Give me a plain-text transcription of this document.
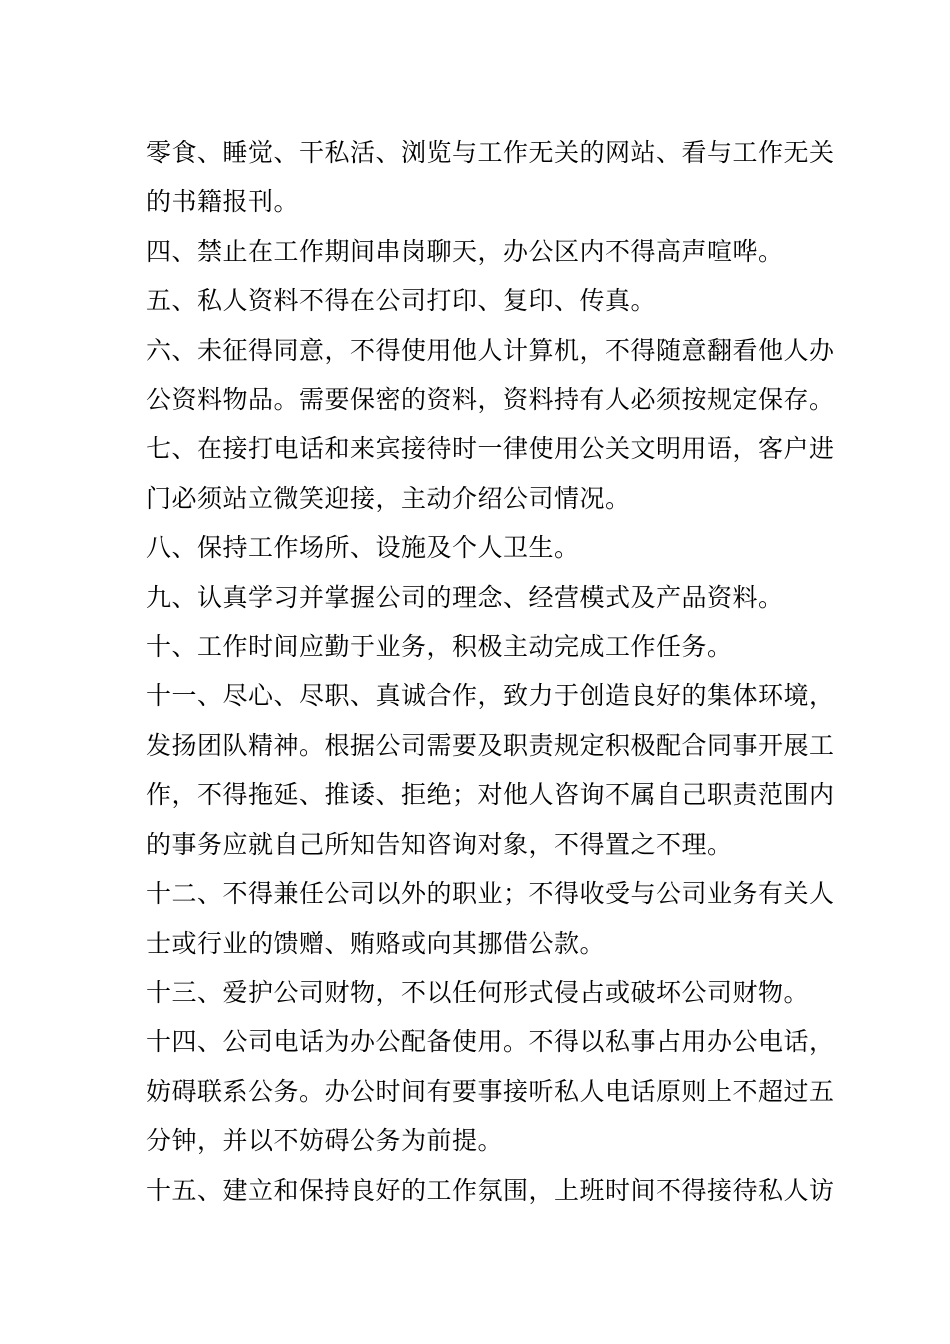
零食、睡觉、干私活、浏览与工作无关的网站、看与工作无关

的书籍报刊。

四、禁止在工作期间串岗聊天，办公区内不得高声喧哗。

五、私人资料不得在公司打印、复印、传真。

六、未征得同意，不得使用他人计算机，不得随意翻看他人办

公资料物品。需要保密的资料，资料持有人必须按规定保存。

七、在接打电话和来宾接待时一律使用公关文明用语，客户进

门必须站立微笑迎接，主动介绍公司情况。

八、保持工作场所、设施及个人卫生。

九、认真学习并掌握公司的理念、经营模式及产品资料。

十、工作时间应勤于业务，积极主动完成工作任务。

十一、尽心、尽职、真诚合作，致力于创造良好的集体环境，

发扬团队精神。根据公司需要及职责规定积极配合同事开展工

作，不得拖延、推诿、拒绝；对他人咨询不属自己职责范围内

的事务应就自己所知告知咨询对象，不得置之不理。

十二、不得兼任公司以外的职业；不得收受与公司业务有关人

士或行业的馈赠、贿赂或向其挪借公款。

十三、爱护公司财物，不以任何形式侵占或破坏公司财物。

十四、公司电话为办公配备使用。不得以私事占用办公电话，

妨碍联系公务。办公时间有要事接听私人电话原则上不超过五

分钟，并以不妨碍公务为前提。

十五、建立和保持良好的工作氛围，上班时间不得接待私人访
